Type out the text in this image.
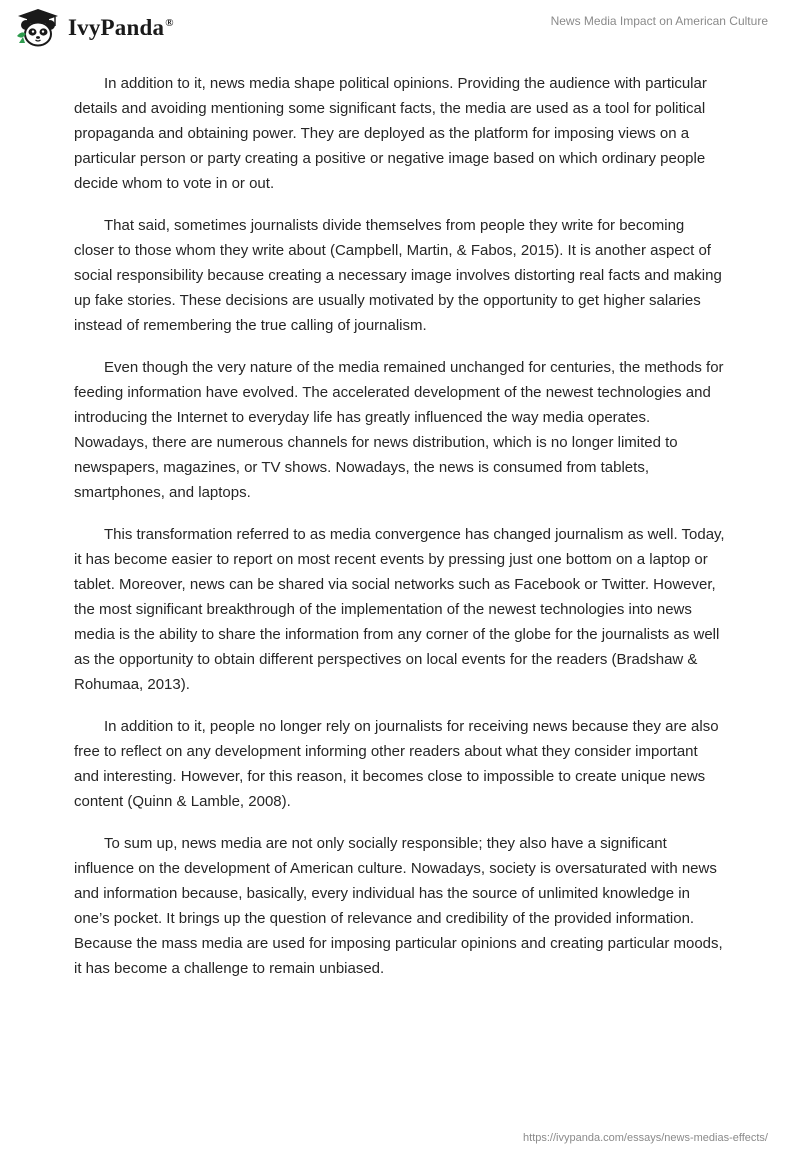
IvyPanda®	News Media Impact on American Culture

In addition to it, news media shape political opinions. Providing the audience with particular details and avoiding mentioning some significant facts, the media are used as a tool for political propaganda and obtaining power. They are deployed as the platform for imposing views on a particular person or party creating a positive or negative image based on which ordinary people decide whom to vote in or out.

That said, sometimes journalists divide themselves from people they write for becoming closer to those whom they write about (Campbell, Martin, & Fabos, 2015). It is another aspect of social responsibility because creating a necessary image involves distorting real facts and making up fake stories. These decisions are usually motivated by the opportunity to get higher salaries instead of remembering the true calling of journalism.

Even though the very nature of the media remained unchanged for centuries, the methods for feeding information have evolved. The accelerated development of the newest technologies and introducing the Internet to everyday life has greatly influenced the way media operates. Nowadays, there are numerous channels for news distribution, which is no longer limited to newspapers, magazines, or TV shows. Nowadays, the news is consumed from tablets, smartphones, and laptops.

This transformation referred to as media convergence has changed journalism as well. Today, it has become easier to report on most recent events by pressing just one bottom on a laptop or tablet. Moreover, news can be shared via social networks such as Facebook or Twitter. However, the most significant breakthrough of the implementation of the newest technologies into news media is the ability to share the information from any corner of the globe for the journalists as well as the opportunity to obtain different perspectives on local events for the readers (Bradshaw & Rohumaa, 2013).

In addition to it, people no longer rely on journalists for receiving news because they are also free to reflect on any development informing other readers about what they consider important and interesting. However, for this reason, it becomes close to impossible to create unique news content (Quinn & Lamble, 2008).

To sum up, news media are not only socially responsible; they also have a significant influence on the development of American culture. Nowadays, society is oversaturated with news and information because, basically, every individual has the source of unlimited knowledge in one’s pocket. It brings up the question of relevance and credibility of the provided information. Because the mass media are used for imposing particular opinions and creating particular moods, it has become a challenge to remain unbiased.

https://ivypanda.com/essays/news-medias-effects/
